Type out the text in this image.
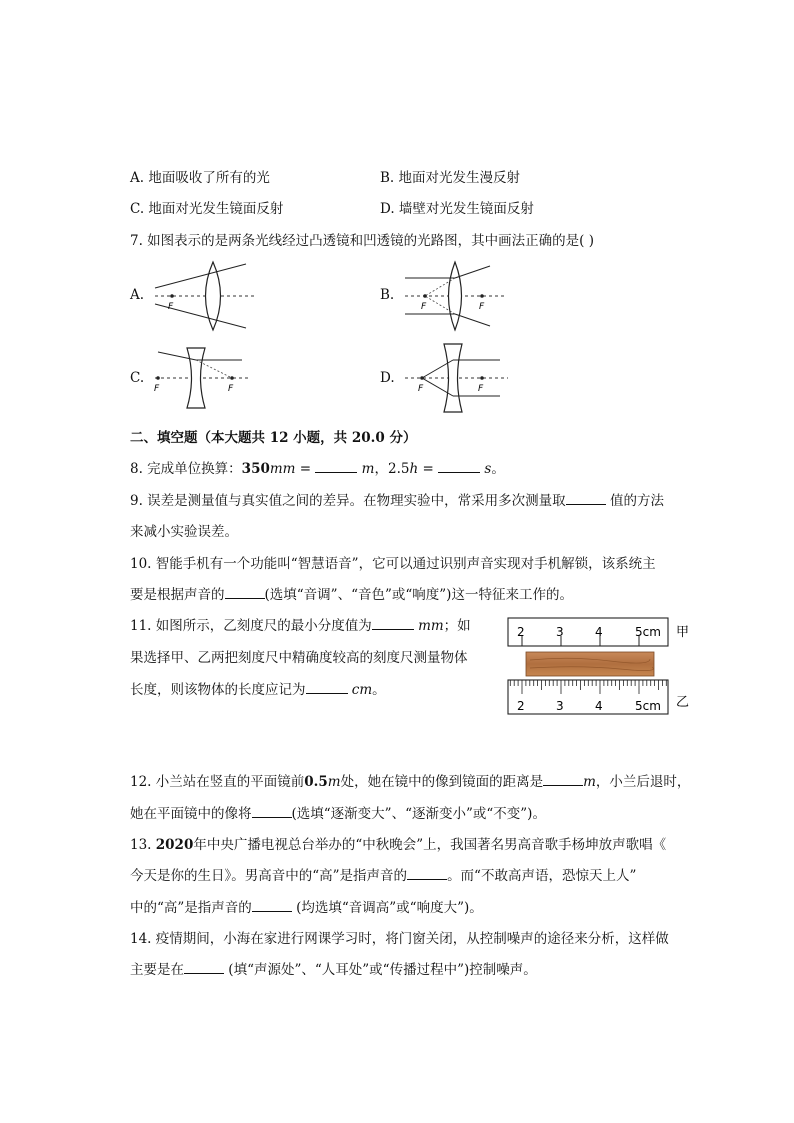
A. 地面吸收了所有的光	B. 地面对光发生漫反射
C. 地面对光发生镜面反射	D. 墙壁对光发生镜面反射
7. 如图表示的是两条光线经过凸透镜和凹透镜的光路图，其中画法正确的是( )
A.
F
B.
F	F
C.
F	F
D.
F	F
二、填空题（本大题共 12 小题，共 20.0 分）
8. 完成单位换算：350mm =	m，2.5h =	s。
9. 误差是测量值与真实值之间的差异。在物理实验中，常采用多次测量取	值的方法
来减小实验误差。
10. 智能手机有一个功能叫“智慧语音”，它可以通过识别声音实现对手机解锁，该系统主
要是根据声音的	(选填“音调”、“音色”或“响度”)这一特征来工作的。
11. 如图所示，乙刻度尺的最小分度值为	mm；如
果选择甲、乙两把刻度尺中精确度较高的刻度尺测量物体
长度，则该物体的长度应记为	cm。
2	3	4	5cm 甲
2	3	4	5cm 乙
12. 小兰站在竖直的平面镜前0.5m处，她在镜中的像到镜面的距离是	m，小兰后退时，
她在平面镜中的像将	(选填“逐渐变大”、“逐渐变小”或“不变”)。
13. 2020年中央广播电视总台举办的“中秋晚会”上，我国著名男高音歌手杨坤放声歌唱《
今天是你的生日》。男高音中的“高”是指声音的	。而“不敢高声语，恐惊天上人”
中的“高”是指声音的	(均选填“音调高”或“响度大”)。
14. 疫情期间，小海在家进行网课学习时，将门窗关闭，从控制噪声的途径来分析，这样做
主要是在	(填“声源处”、“人耳处”或“传播过程中”)控制噪声。
